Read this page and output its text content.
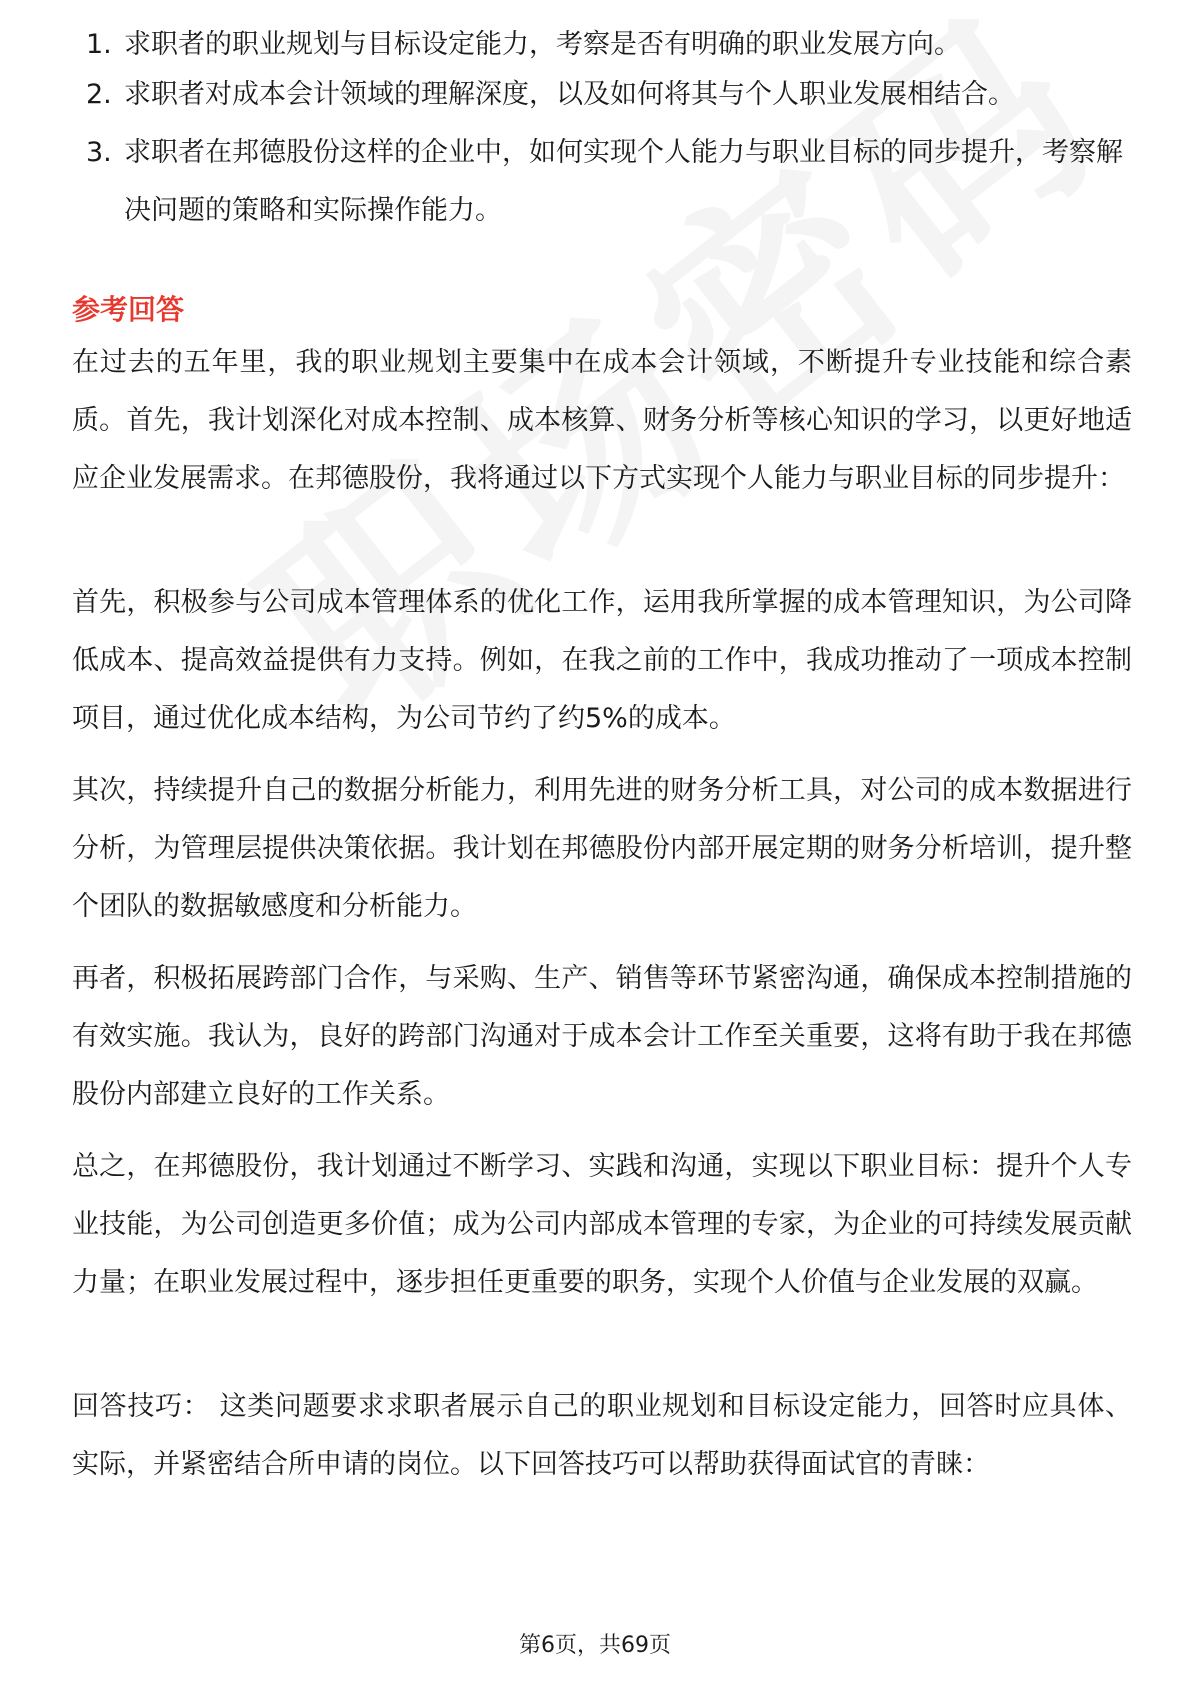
1. 求职者的职业规划与目标设定能力，考察是否有明确的职业发展方向。
2. 求职者对成本会计领域的理解深度，以及如何将其与个人职业发展相结合。
3. 求职者在邦德股份这样的企业中，如何实现个人能力与职业目标的同步提升，考察解决问题的策略和实际操作能力。
参考回答

在过去的五年里，我的职业规划主要集中在成本会计领域，不断提升专业技能和综合素质。首先，我计划深化对成本控制、成本核算、财务分析等核心知识的学习，以更好地适应企业发展需求。在邦德股份，我将通过以下方式实现个人能力与职业目标的同步提升：

首先，积极参与公司成本管理体系的优化工作，运用我所掌握的成本管理知识，为公司降低成本、提高效益提供有力支持。例如，在我之前的工作中，我成功推动了一项成本控制项目，通过优化成本结构，为公司节约了约5%的成本。

其次，持续提升自己的数据分析能力，利用先进的财务分析工具，对公司的成本数据进行分析，为管理层提供决策依据。我计划在邦德股份内部开展定期的财务分析培训，提升整个团队的数据敏感度和分析能力。

再者，积极拓展跨部门合作，与采购、生产、销售等环节紧密沟通，确保成本控制措施的有效实施。我认为，良好的跨部门沟通对于成本会计工作至关重要，这将有助于我在邦德股份内部建立良好的工作关系。

总之，在邦德股份，我计划通过不断学习、实践和沟通，实现以下职业目标：提升个人专业技能，为公司创造更多价值；成为公司内部成本管理的专家，为企业的可持续发展贡献力量；在职业发展过程中，逐步担任更重要的职务，实现个人价值与企业发展的双赢。

回答技巧： 这类问题要求求职者展示自己的职业规划和目标设定能力，回答时应具体、实际，并紧密结合所申请的岗位。以下回答技巧可以帮助获得面试官的青睐：

第6页，共69页
